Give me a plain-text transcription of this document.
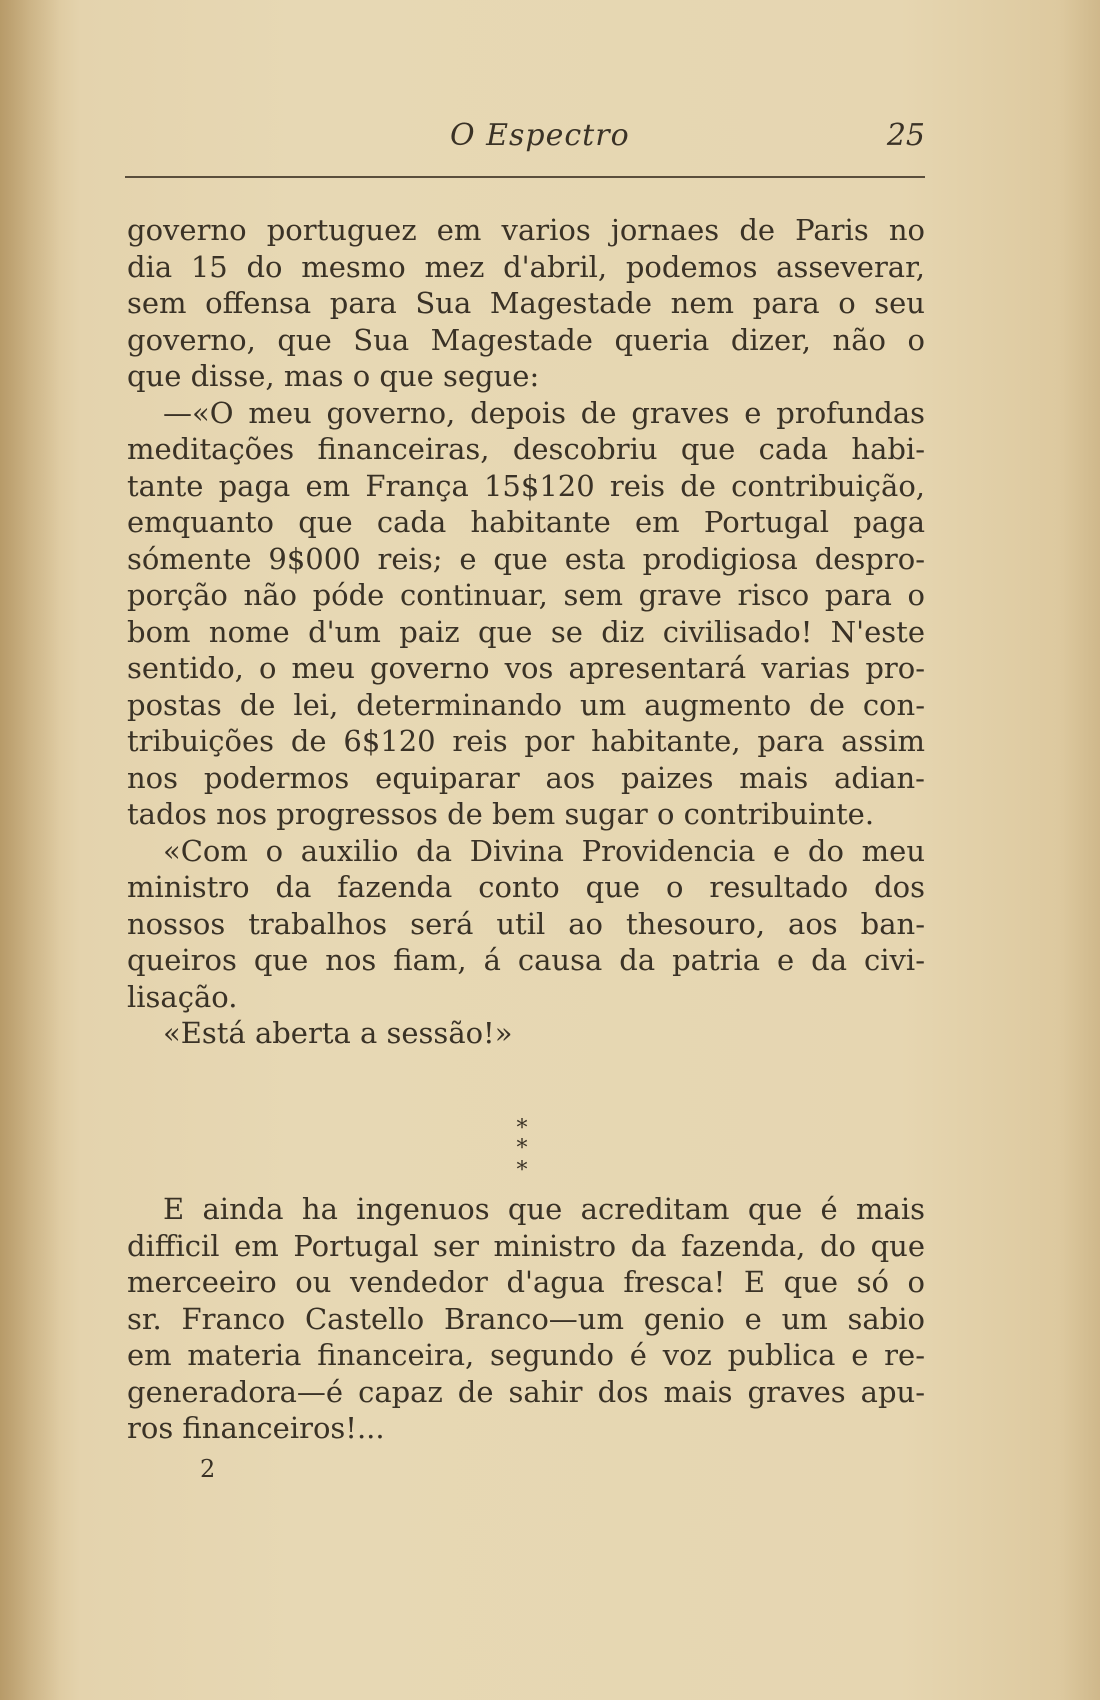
O Espectro	25
governo portuguez em varios jornaes de Paris no
dia 15 do mesmo mez d'abril, podemos asseverar,
sem offensa para Sua Magestade nem para o seu
governo, que Sua Magestade queria dizer, não o
que disse, mas o que segue:
—«O meu governo, depois de graves e profundas
meditações financeiras, descobriu que cada habi-
tante paga em França 15$120 reis de contribuição,
emquanto que cada habitante em Portugal paga
sómente 9$000 reis; e que esta prodigiosa despro-
porção não póde continuar, sem grave risco para o
bom nome d'um paiz que se diz civilisado! N'este
sentido, o meu governo vos apresentará varias pro-
postas de lei, determinando um augmento de con-
tribuições de 6$120 reis por habitante, para assim
nos podermos equiparar aos paizes mais adian-
tados nos progressos de bem sugar o contribuinte.
«Com o auxilio da Divina Providencia e do meu
ministro da fazenda conto que o resultado dos
nossos trabalhos será util ao thesouro, aos ban-
queiros que nos fiam, á causa da patria e da civi-
lisação.
«Está aberta a sessão!»
*
* *
E ainda ha ingenuos que acreditam que é mais
difficil em Portugal ser ministro da fazenda, do que
merceeiro ou vendedor d'agua fresca! E que só o
sr. Franco Castello Branco—um genio e um sabio
em materia financeira, segundo é voz publica e re-
generadora—é capaz de sahir dos mais graves apu-
ros financeiros!...
2
